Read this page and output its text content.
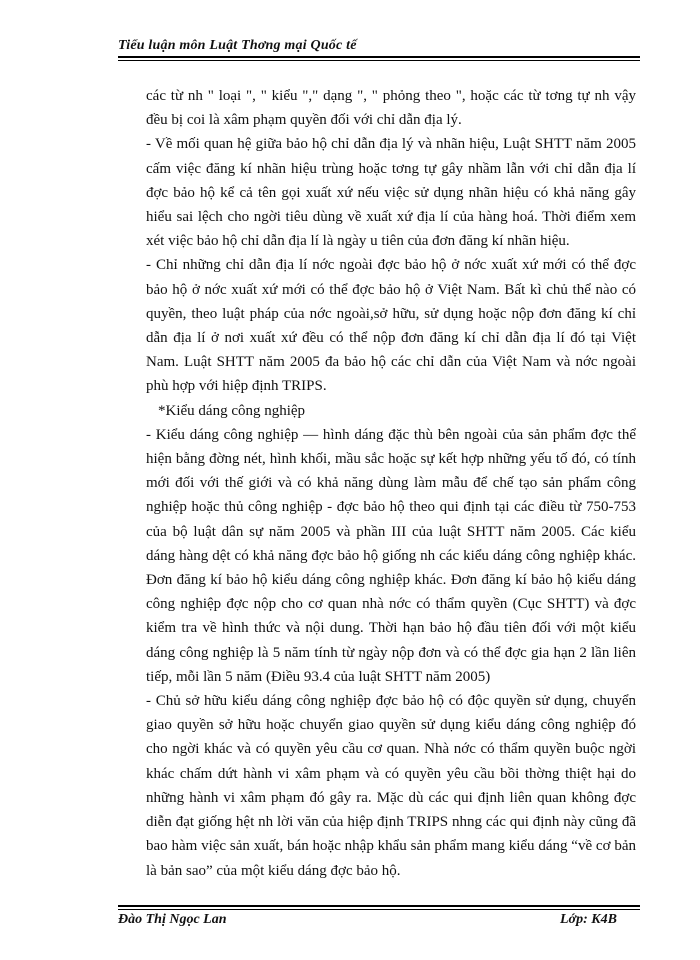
Tiểu luận môn Luật Thơng mại Quốc tế

các từ nh " loại ", " kiểu "," dạng ", " phỏng theo ", hoặc các từ tơng tự nh vậy đều bị coi là xâm phạm quyền đối với chỉ dẫn địa lý.

- Về mối quan hệ giữa bảo hộ chỉ dẫn địa lý và nhãn hiệu, Luật SHTT năm 2005 cấm việc đăng kí nhãn hiệu trùng hoặc tơng tự gây nhầm lẫn với chỉ dẫn địa lí đợc bảo hộ kể cả tên gọi xuất xứ nếu việc sử dụng nhãn hiệu có khả năng gây hiểu sai lệch cho ngời tiêu dùng về xuất xứ địa lí của hàng hoá. Thời điểm xem xét việc bảo hộ chỉ dẫn địa lí là ngày u tiên của đơn đăng kí nhãn hiệu.

- Chỉ những chỉ dẫn địa lí nớc ngoài đợc bảo hộ ở nớc xuất xứ mới có thể đợc bảo hộ ở nớc xuất xứ mới có thể đợc bảo hộ ở Việt Nam. Bất kì chủ thể nào có quyền, theo luật pháp của nớc ngoài,sở hữu, sử dụng hoặc nộp đơn đăng kí chỉ dẫn địa lí ở nơi xuất xứ đều có thể nộp đơn đăng kí chỉ dẫn địa lí đó tại Việt Nam. Luật SHTT năm 2005 đa bảo hộ các chỉ dẫn của Việt Nam và nớc ngoài phù hợp với hiệp định TRIPS.

*Kiểu dáng công nghiệp

- Kiểu dáng công nghiệp — hình dáng đặc thù bên ngoài của sản phẩm đợc thể hiện bằng đờng nét, hình khối, mầu sắc hoặc sự kết hợp những yếu tố đó, có tính mới đối với thế giới và có khả năng dùng làm mẫu để chế tạo sản phẩm công nghiệp hoặc thủ công nghiệp - đợc bảo hộ theo qui định tại các điều từ 750-753 của bộ luật dân sự năm 2005 và phần III của luật SHTT năm 2005. Các kiểu dáng hàng dệt có khả năng đợc bảo hộ giống nh các kiểu dáng công nghiệp khác. Đơn đăng kí bảo hộ kiểu dáng công nghiệp khác. Đơn đăng kí bảo hộ kiểu dáng công nghiệp đợc nộp cho cơ quan nhà nớc có thẩm quyền (Cục SHTT) và đợc kiểm tra về hình thức và nội dung. Thời hạn bảo hộ đầu tiên đối với một kiểu dáng công nghiệp là 5 năm tính từ ngày nộp đơn và có thể đợc gia hạn 2 lần liên tiếp, mỗi lần 5 năm (Điều 93.4 của luật SHTT năm 2005)

- Chủ sở hữu kiểu dáng công nghiệp đợc bảo hộ có độc quyền sử dụng, chuyển giao quyền sở hữu hoặc chuyển giao quyền sử dụng kiểu dáng công nghiệp đó cho ngời khác và có quyền yêu cầu cơ quan. Nhà nớc có thẩm quyền buộc ngời khác chấm dứt hành vi xâm phạm và có quyền yêu cầu bồi thờng thiệt hại do những hành vi xâm phạm đó gây ra. Mặc dù các qui định liên quan không đợc diễn đạt giống hệt nh lời văn của hiệp định TRIPS nhng các qui định này cũng đã bao hàm việc sản xuất, bán hoặc nhập khẩu sản phẩm mang kiểu dáng “về cơ bản là bản sao” của một kiểu dáng đợc bảo hộ.

Đào Thị Ngọc Lan	Lớp: K4B
